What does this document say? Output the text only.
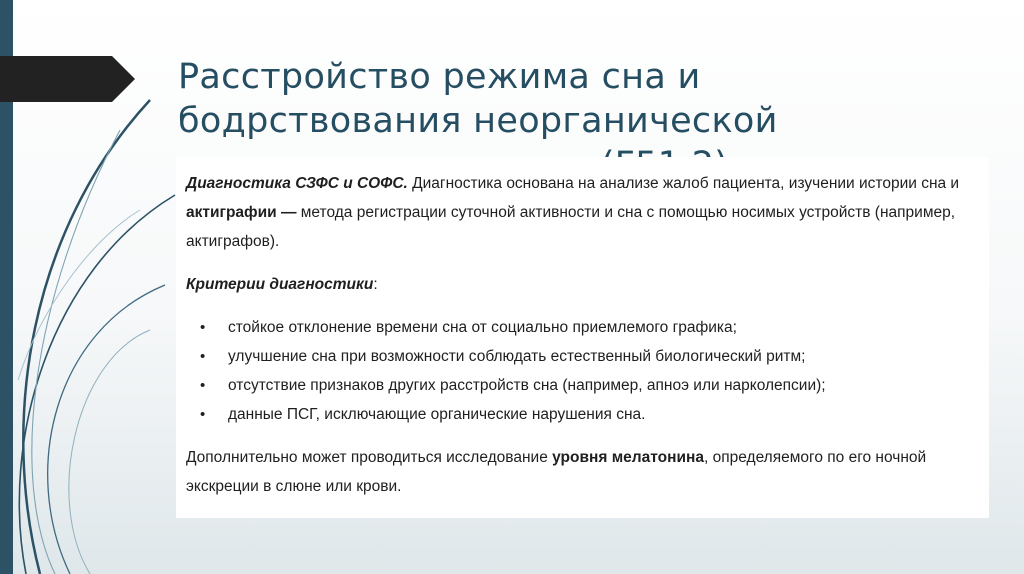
Расстройство режима сна и
бодрствования неорганической

Диагностика СЗФС и СОФС. Диагностика основана на анализе жалоб пациента, изучении истории сна и актиграфии — метода регистрации суточной активности и сна с помощью носимых устройств (например, актиграфов).

Критерии диагностики:

• стойкое отклонение времени сна от социально приемлемого графика;
• улучшение сна при возможности соблюдать естественный биологический ритм;
• отсутствие признаков других расстройств сна (например, апноэ или нарколепсии);
• данные ПСГ, исключающие органические нарушения сна.

Дополнительно может проводиться исследование уровня мелатонина, определяемого по его ночной экскреции в слюне или крови.
